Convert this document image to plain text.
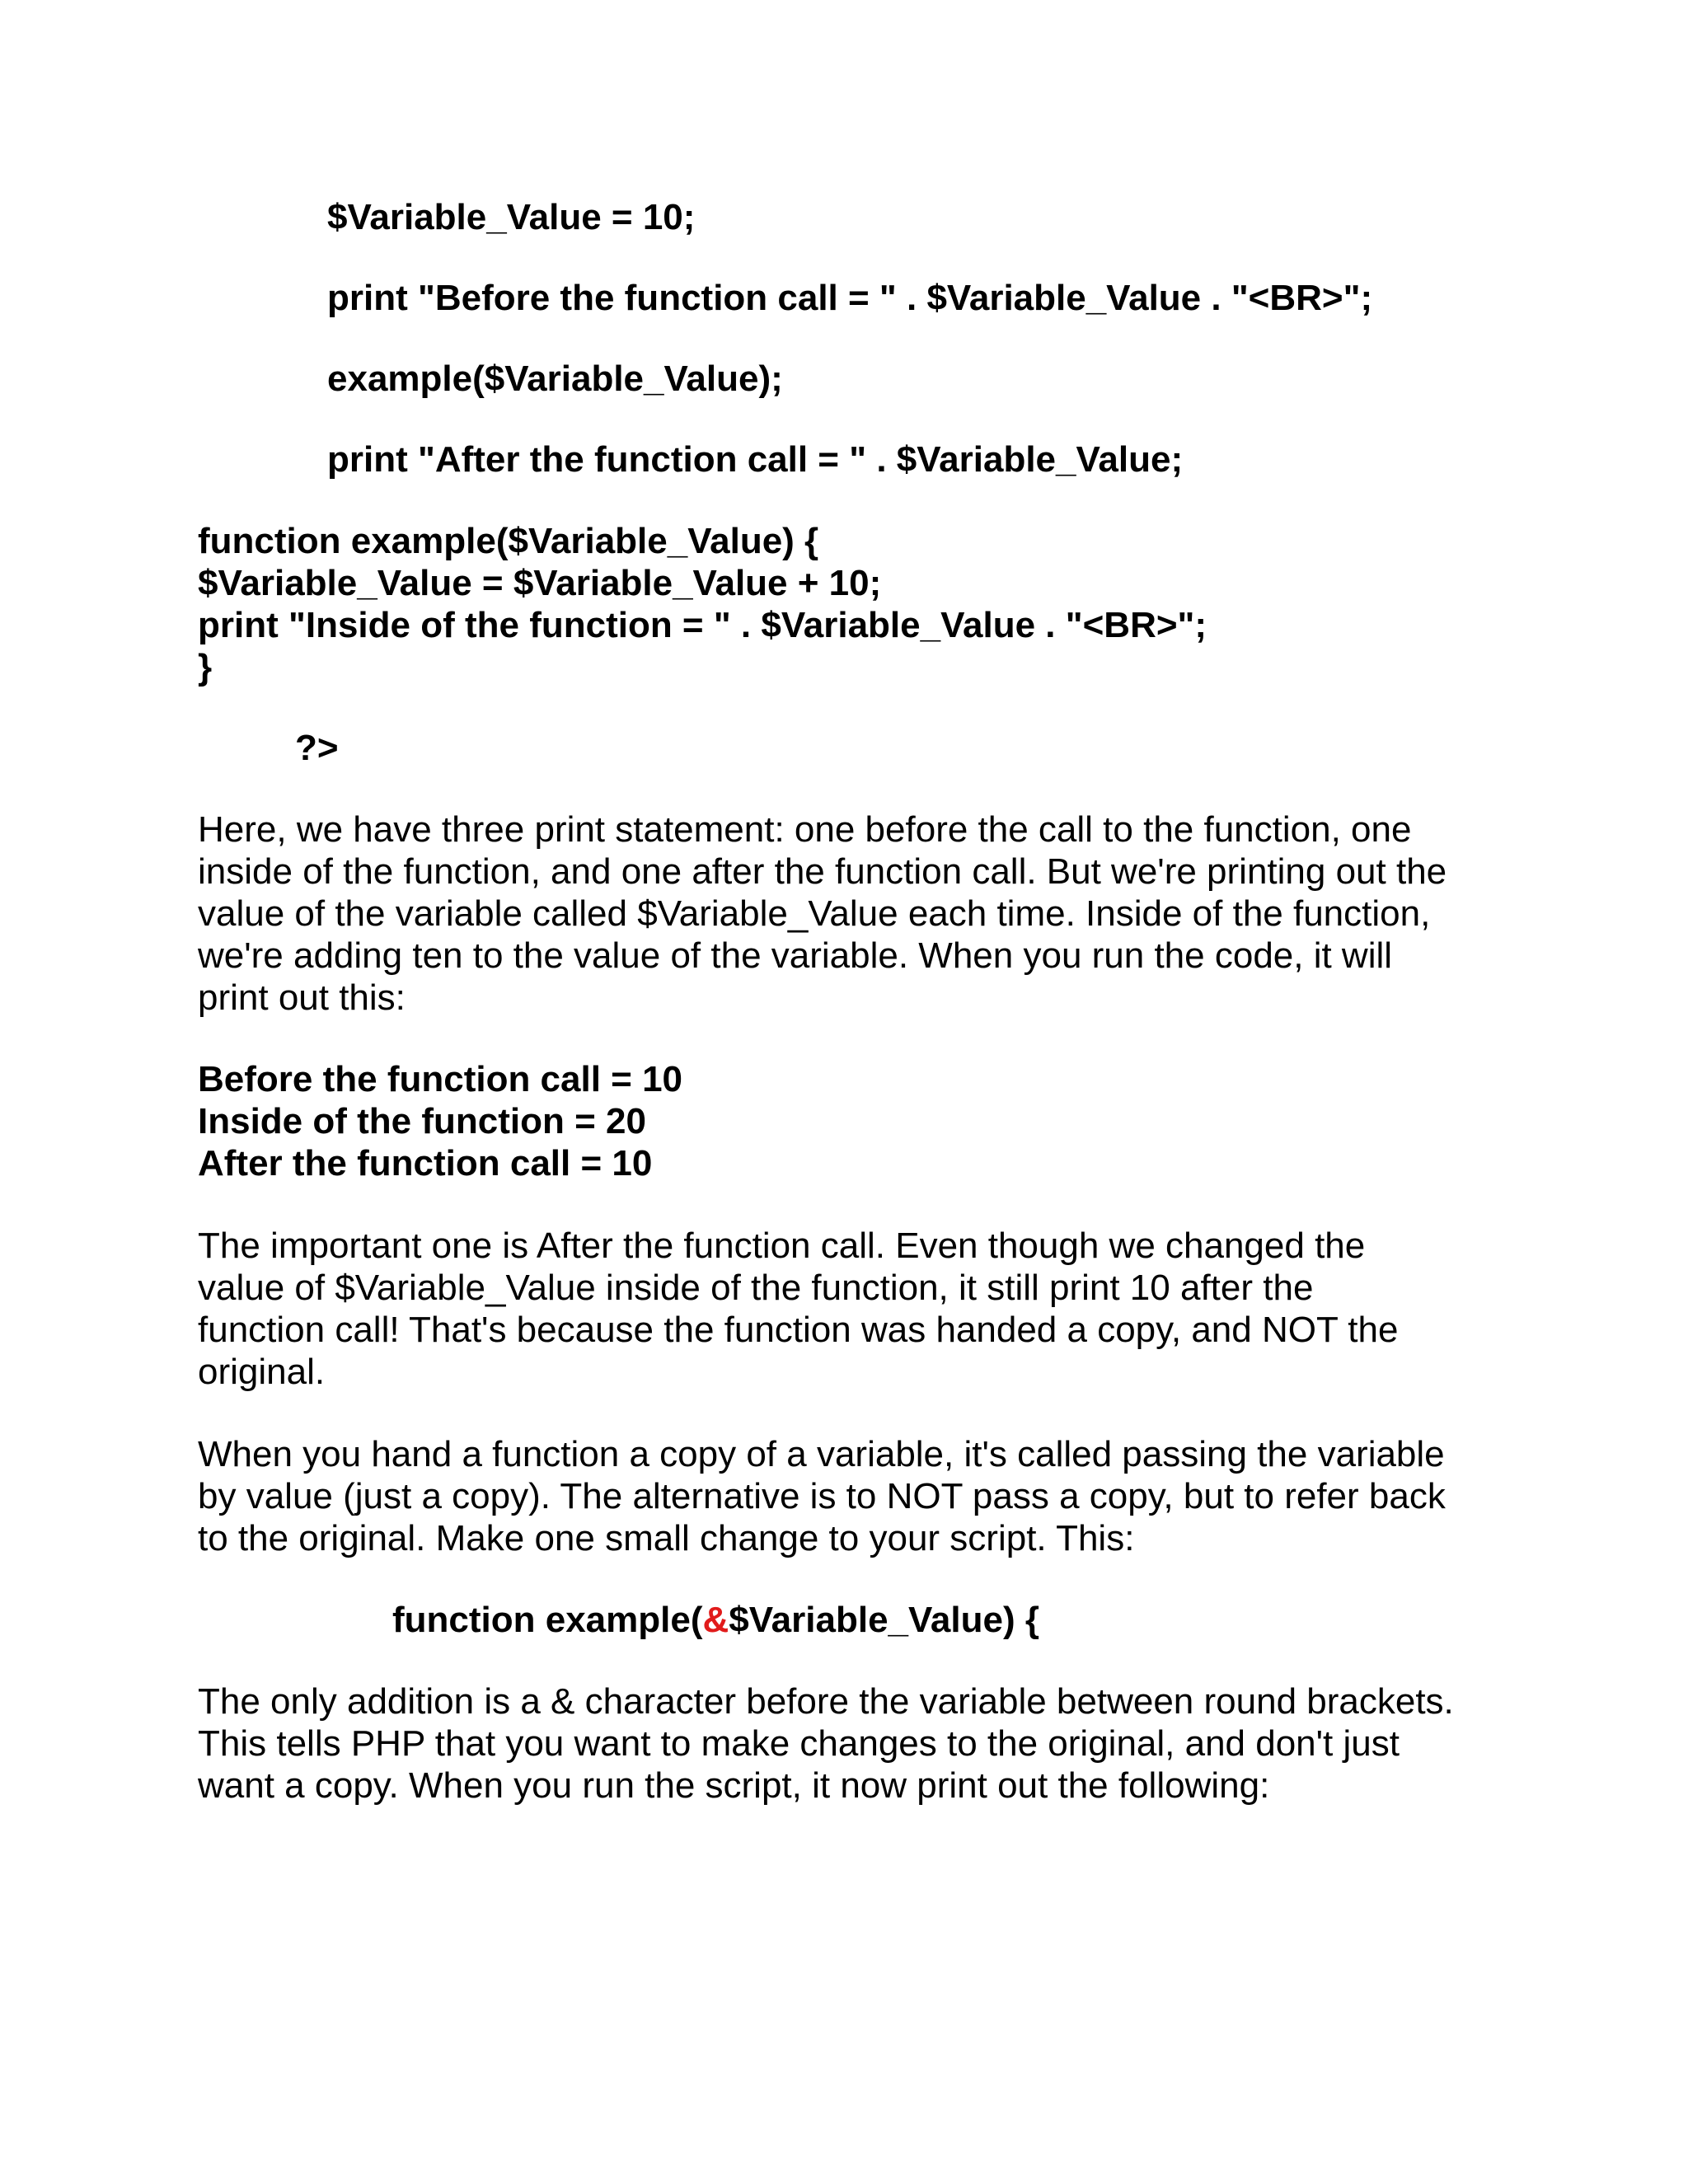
$Variable_Value = 10;

print "Before the function call = " . $Variable_Value . "<BR>";

example($Variable_Value);

print "After the function call = " . $Variable_Value;

function example($Variable_Value) {

$Variable_Value = $Variable_Value + 10;

print "Inside of the function = " . $Variable_Value . "<BR>";

}

?>

Here, we have three print statement: one before the call to the function, one

inside of the function, and one after the function call. But we're printing out the

value of the variable called $Variable_Value each time. Inside of the function,

we're adding ten to the value of the variable. When you run the code, it will

print out this:

Before the function call = 10

Inside of the function = 20

After the function call = 10

The important one is After the function call. Even though we changed the

value of $Variable_Value inside of the function, it still print 10 after the

function call! That's because the function was handed a copy, and NOT the

original.

When you hand a function a copy of a variable, it's called passing the variable

by value (just a copy). The alternative is to NOT pass a copy, but to refer back

to the original. Make one small change to your script. This:

function example(&$Variable_Value) {

The only addition is a & character before the variable between round brackets.

This tells PHP that you want to make changes to the original, and don't just

want a copy. When you run the script, it now print out the following:
